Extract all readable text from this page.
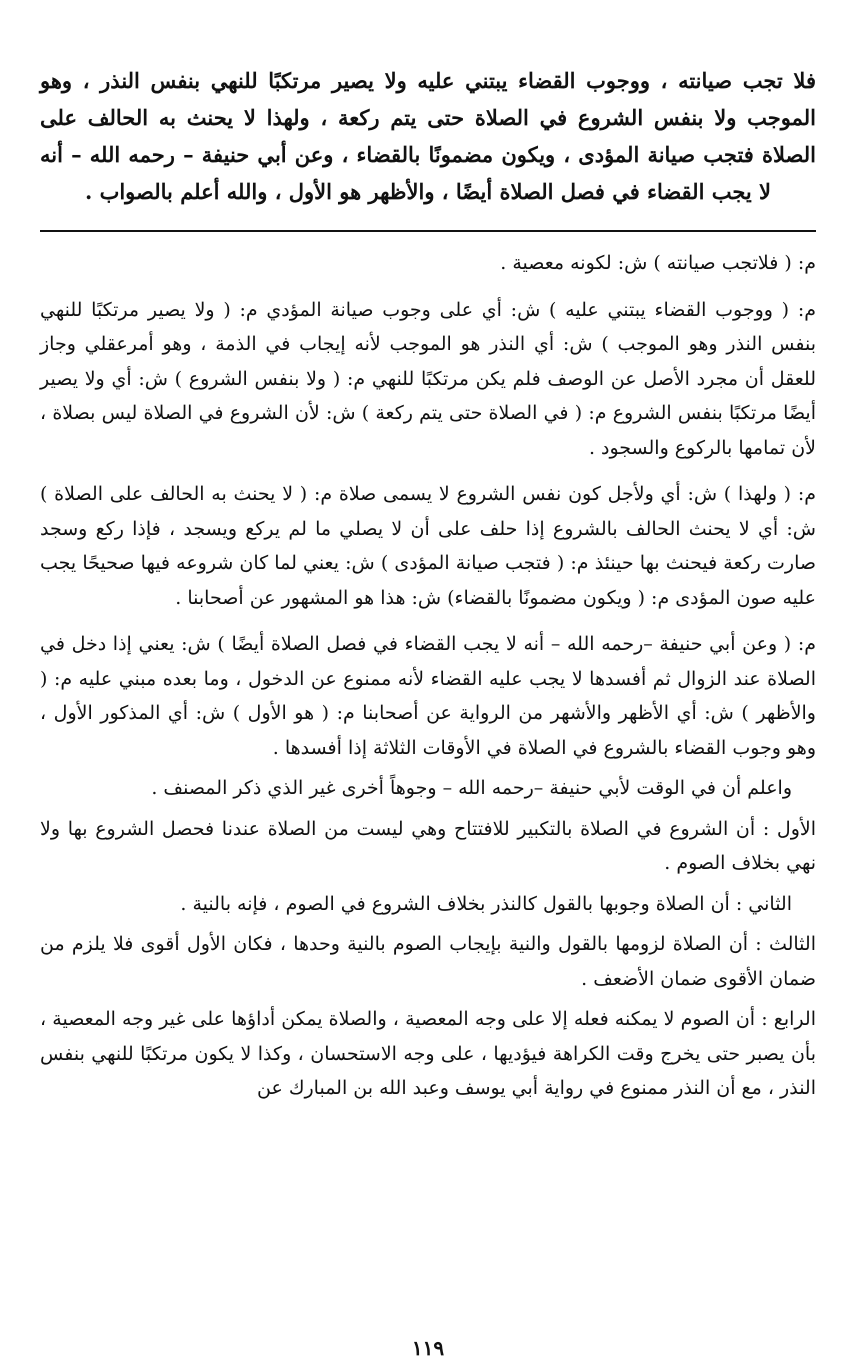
فلا تجب صيانته ، ووجوب القضاء يبتني عليه ولا يصير مرتكبًا للنهي بنفس النذر ، وهو الموجب ولا بنفس الشروع في الصلاة حتى يتم ركعة ، ولهذا لا يحنث به الحالف على الصلاة فتجب صيانة المؤدى ، ويكون مضمونًا بالقضاء ، وعن أبي حنيفة – رحمه الله – أنه لا يجب القضاء في فصل الصلاة أيضًا ، والأظهر هو الأول ، والله أعلم بالصواب .

م: ( فلاتجب صيانته ) ش: لكونه معصية .

م: ( ووجوب القضاء يبتني عليه ) ش: أي على وجوب صيانة المؤدي م: ( ولا يصير مرتكبًا للنهي بنفس النذر وهو الموجب ) ش: أي النذر هو الموجب لأنه إيجاب في الذمة ، وهو أمرعقلي وجاز للعقل أن مجرد الأصل عن الوصف فلم يكن مرتكبًا للنهي م: ( ولا بنفس الشروع ) ش: أي ولا يصير أيضًا مرتكبًا بنفس الشروع م: ( في الصلاة حتى يتم ركعة ) ش: لأن الشروع في الصلاة ليس بصلاة ، لأن تمامها بالركوع والسجود .

م: ( ولهذا ) ش: أي ولأجل كون نفس الشروع لا يسمى صلاة م: ( لا يحنث به الحالف على الصلاة ) ش: أي لا يحنث الحالف بالشروع إذا حلف على أن لا يصلي ما لم يركع ويسجد ، فإذا ركع وسجد صارت ركعة فيحنث بها حينئذ م: ( فتجب صيانة المؤدى ) ش: يعني لما كان شروعه فيها صحيحًا يجب عليه صون المؤدى م: ( ويكون مضمونًا بالقضاء) ش: هذا هو المشهور عن أصحابنا .

م: ( وعن أبي حنيفة –رحمه الله – أنه لا يجب القضاء في فصل الصلاة أيضًا ) ش: يعني إذا دخل في الصلاة عند الزوال ثم أفسدها لا يجب عليه القضاء لأنه ممنوع عن الدخول ، وما بعده مبني عليه م: ( والأظهر ) ش: أي الأظهر والأشهر من الرواية عن أصحابنا م: ( هو الأول ) ش: أي المذكور الأول ، وهو وجوب القضاء بالشروع في الصلاة في الأوقات الثلاثة إذا أفسدها .

واعلم أن في الوقت لأبي حنيفة –رحمه الله – وجوهاً أخرى غير الذي ذكر المصنف .

الأول : أن الشروع في الصلاة بالتكبير للافتتاح وهي ليست من الصلاة عندنا فحصل الشروع بها ولا نهي بخلاف الصوم .

الثاني : أن الصلاة وجوبها بالقول كالنذر بخلاف الشروع في الصوم ، فإنه بالنية .

الثالث : أن الصلاة لزومها بالقول والنية بإيجاب الصوم بالنية وحدها ، فكان الأول أقوى فلا يلزم من ضمان الأقوى ضمان الأضعف .

الرابع : أن الصوم لا يمكنه فعله إلا على وجه المعصية ، والصلاة يمكن أداؤها على غير وجه المعصية ، بأن يصبر حتى يخرج وقت الكراهة فيؤديها ، على وجه الاستحسان ، وكذا لا يكون مرتكبًا للنهي بنفس النذر ، مع أن النذر ممنوع في رواية أبي يوسف وعبد الله بن المبارك عن

١١٩
